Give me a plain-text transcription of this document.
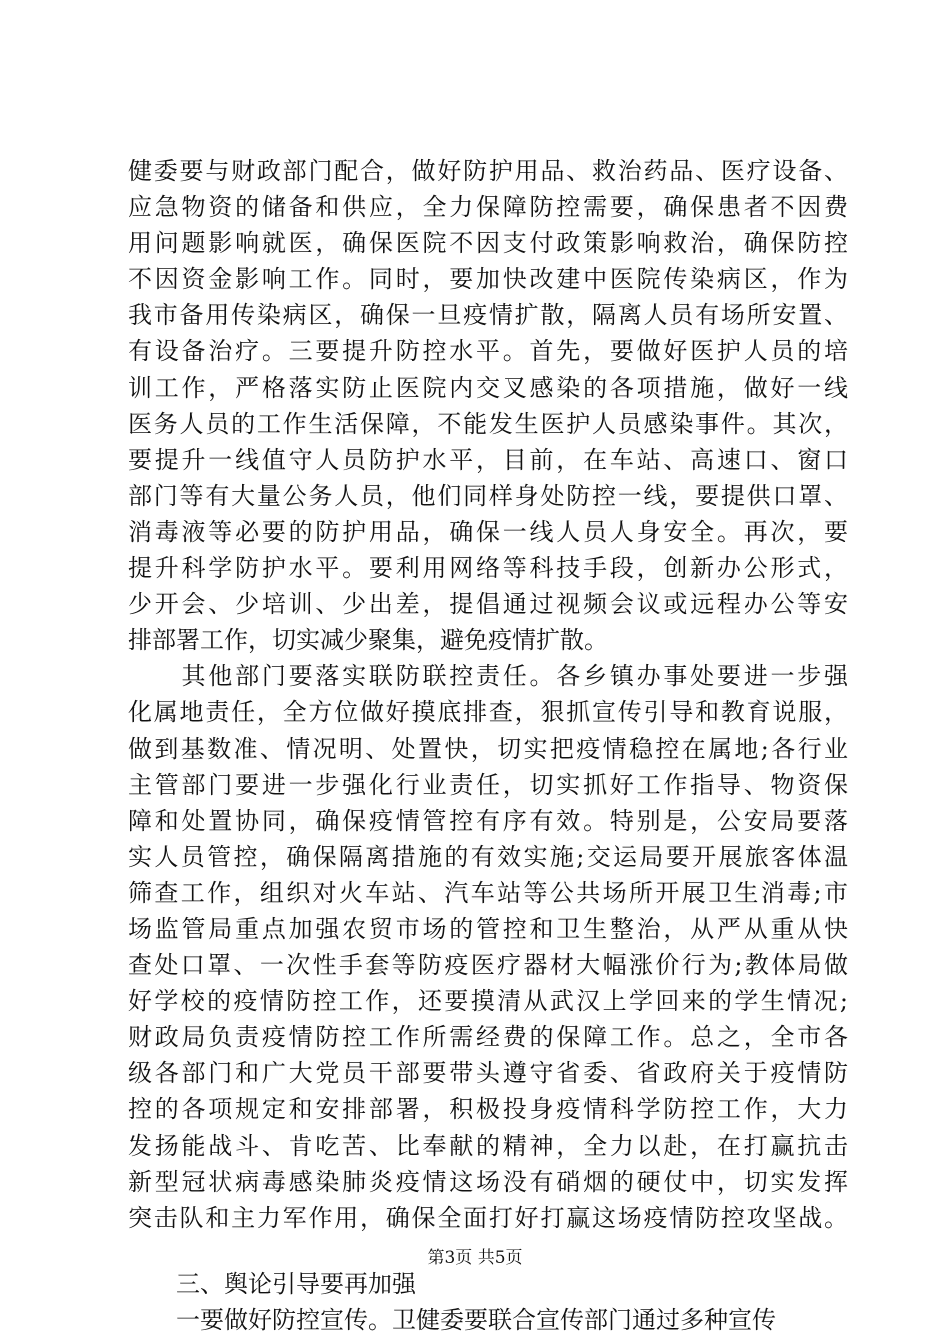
健委要与财政部门配合，做好防护用品、救治药品、医疗设备、
应急物资的储备和供应，全力保障防控需要，确保患者不因费
用问题影响就医，确保医院不因支付政策影响救治，确保防控
不因资金影响工作。同时，要加快改建中医院传染病区，作为
我市备用传染病区，确保一旦疫情扩散，隔离人员有场所安置、
有设备治疗。三要提升防控水平。首先，要做好医护人员的培
训工作，严格落实防止医院内交叉感染的各项措施，做好一线
医务人员的工作生活保障，不能发生医护人员感染事件。其次，
要提升一线值守人员防护水平，目前，在车站、高速口、窗口
部门等有大量公务人员，他们同样身处防控一线，要提供口罩、
消毒液等必要的防护用品，确保一线人员人身安全。再次，要
提升科学防护水平。要利用网络等科技手段，创新办公形式，
少开会、少培训、少出差，提倡通过视频会议或远程办公等安
排部署工作，切实减少聚集，避免疫情扩散。
　　其他部门要落实联防联控责任。各乡镇办事处要进一步强
化属地责任，全方位做好摸底排查，狠抓宣传引导和教育说服，
做到基数准、情况明、处置快，切实把疫情稳控在属地;各行业
主管部门要进一步强化行业责任，切实抓好工作指导、物资保
障和处置协同，确保疫情管控有序有效。特别是，公安局要落
实人员管控，确保隔离措施的有效实施;交运局要开展旅客体温
筛查工作，组织对火车站、汽车站等公共场所开展卫生消毒;市
场监管局重点加强农贸市场的管控和卫生整治，从严从重从快
查处口罩、一次性手套等防疫医疗器材大幅涨价行为;教体局做
好学校的疫情防控工作，还要摸清从武汉上学回来的学生情况;
财政局负责疫情防控工作所需经费的保障工作。总之，全市各
级各部门和广大党员干部要带头遵守省委、省政府关于疫情防
控的各项规定和安排部署，积极投身疫情科学防控工作，大力
发扬能战斗、肯吃苦、比奉献的精神，全力以赴，在打赢抗击
新型冠状病毒感染肺炎疫情这场没有硝烟的硬仗中，切实发挥
突击队和主力军作用，确保全面打好打赢这场疫情防控攻坚战。
　　三、舆论引导要再加强
　　一要做好防控宣传。卫健委要联合宣传部门通过多种宣传
第3页 共5页
